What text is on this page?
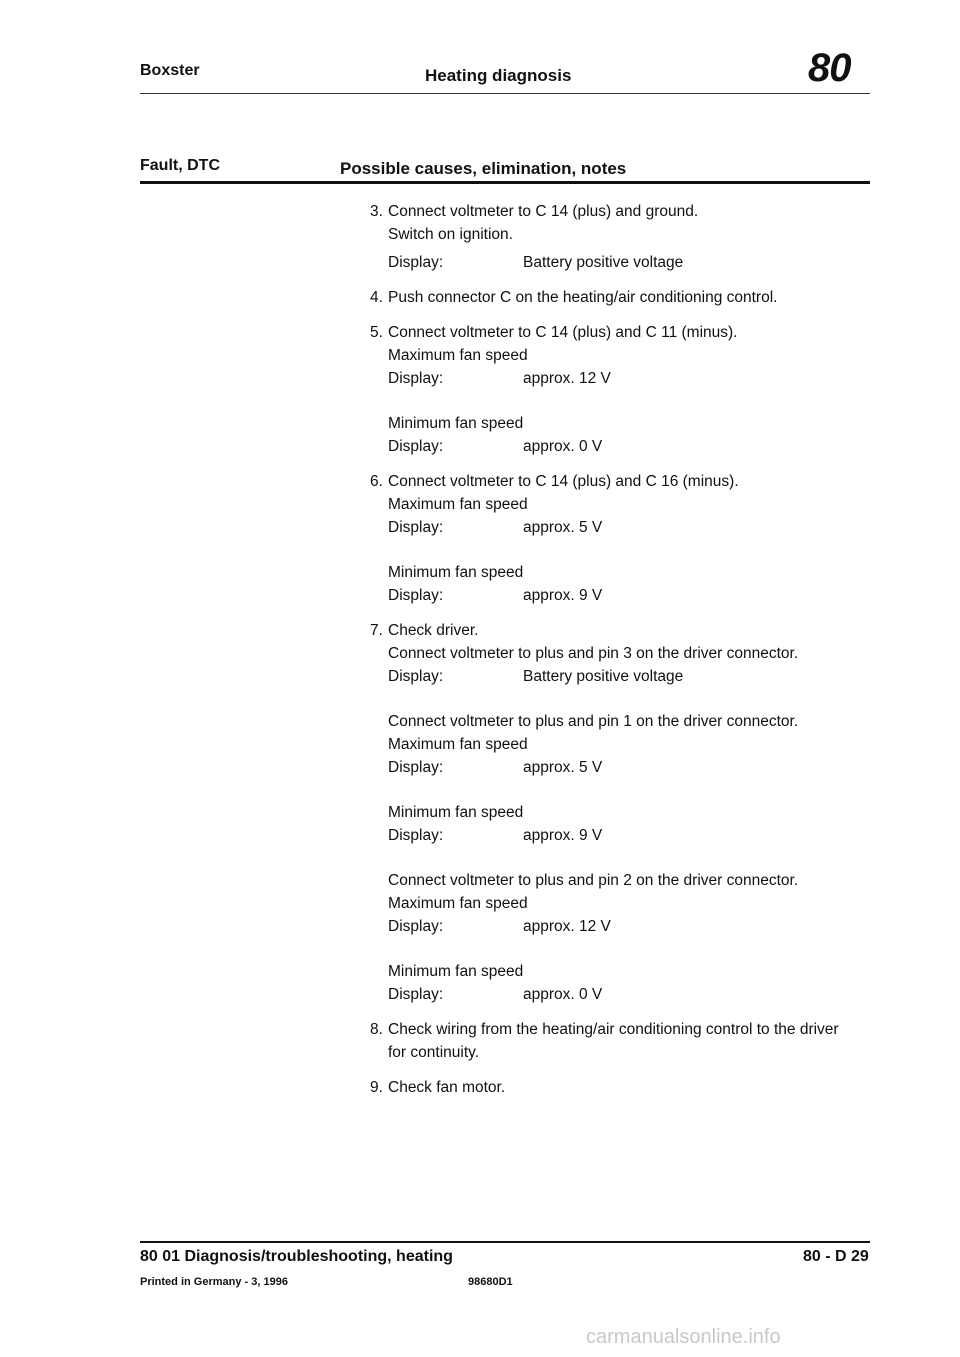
Boxster	Heating diagnosis	80
Fault, DTC	Possible causes, elimination, notes
3. Connect voltmeter to C 14 (plus) and ground.
Switch on ignition.
Display:	Battery positive voltage
4. Push connector C on the heating/air conditioning control.
5. Connect voltmeter to C 14 (plus) and C 11 (minus).
Maximum fan speed
Display:	approx. 12 V
Minimum fan speed
Display:	approx. 0 V
6. Connect voltmeter to C 14 (plus) and C 16 (minus).
Maximum fan speed
Display:	approx. 5 V
Minimum fan speed
Display:	approx. 9 V
7. Check driver.
Connect voltmeter to plus and pin 3 on the driver connector.
Display:	Battery positive voltage
Connect voltmeter to plus and pin 1 on the driver connector.
Maximum fan speed
Display:	approx. 5 V
Minimum fan speed
Display:	approx. 9 V
Connect voltmeter to plus and pin 2 on the driver connector.
Maximum fan speed
Display:	approx. 12 V
Minimum fan speed
Display:	approx. 0 V
8. Check wiring from the heating/air conditioning control to the driver
for continuity.
9. Check fan motor.
80 01 Diagnosis/troubleshooting, heating	80 - D 29
Printed in Germany - 3, 1996	98680D1
carmanualsonline.info
